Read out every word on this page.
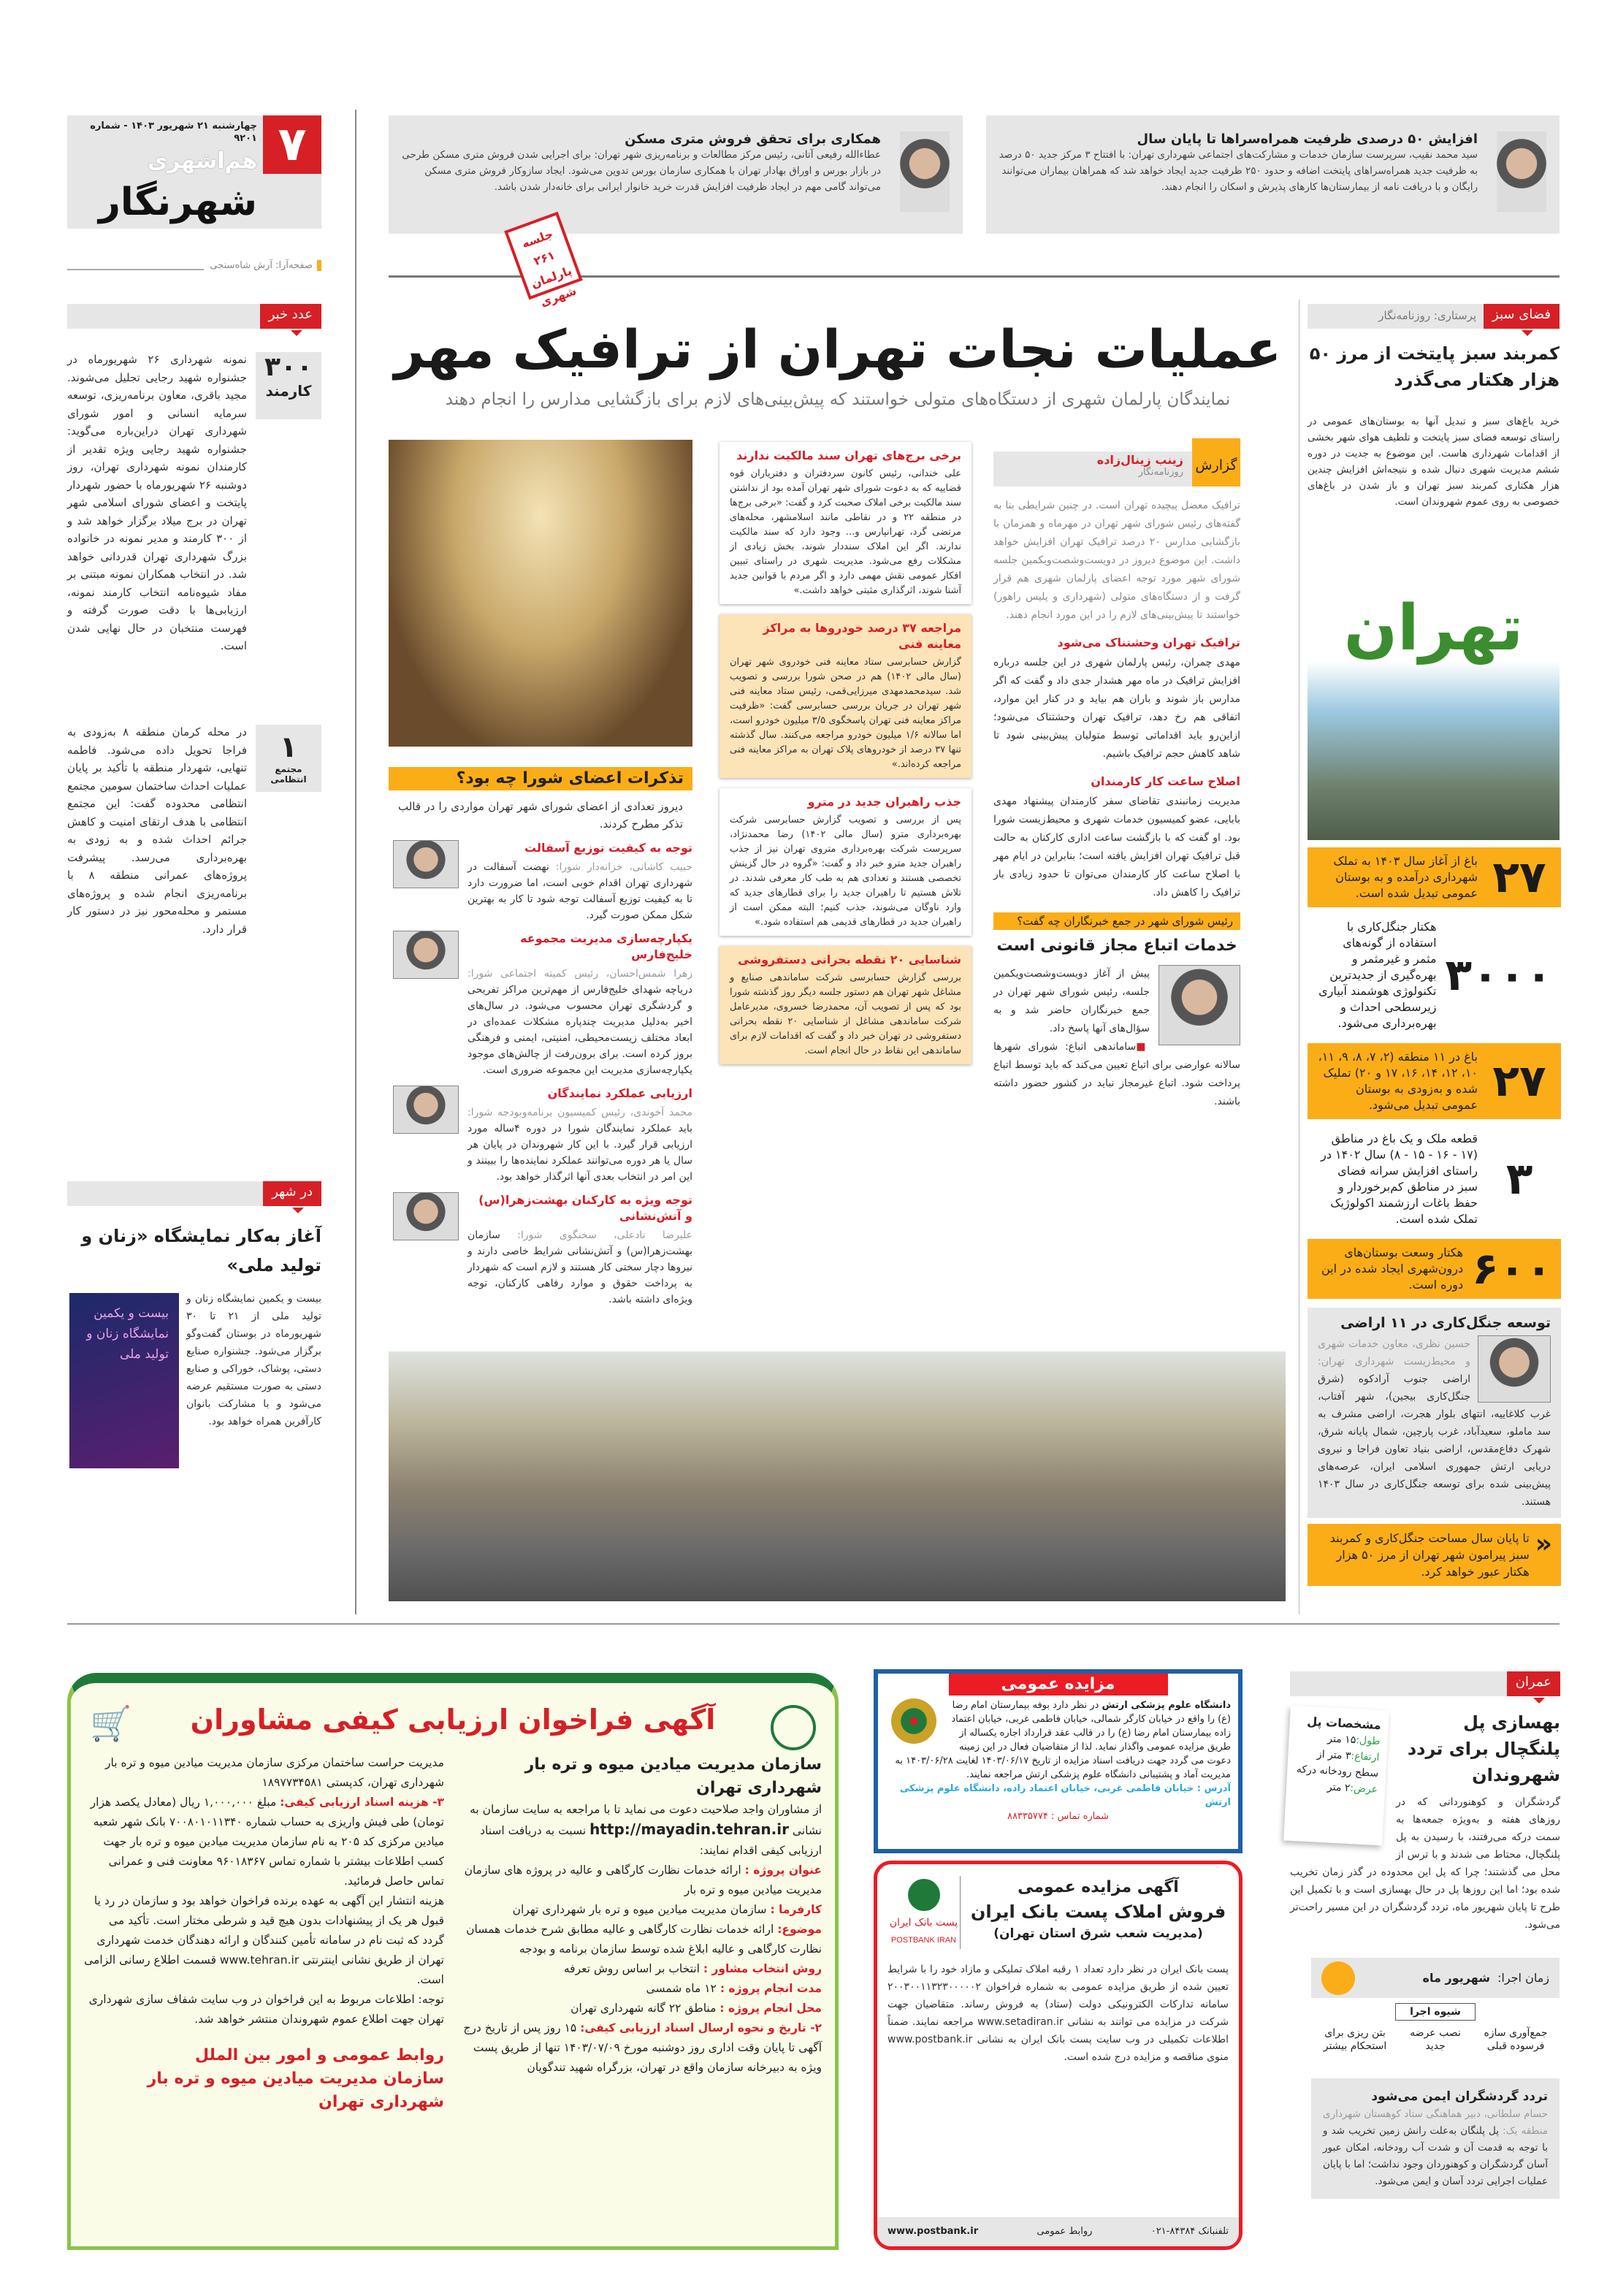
۷
چهارشنبه ۲۱ شهریور ۱۴۰۳ - شماره ۹۲۰۱
هم‌اشهری
شهرنگار
صفحه‌آرا: آرش شاه‌سنجی
افزایش ۵۰ درصدی ظرفیت همراه‌سراها تا پایان سال
سید محمد نقیب، سرپرست سازمان خدمات و مشارکت‌های اجتماعی شهرداری تهران: با افتتاح ۳ مرکز جدید ۵۰ درصد به ظرفیت جدید همراه‌سراهای پایتخت اضافه و حدود ۲۵۰ ظرفیت جدید ایجاد خواهد شد که همراهان بیماران می‌توانند رایگان و با دریافت نامه از بیمارستان‌ها کارهای پذیرش و اسکان را انجام دهند.
همکاری برای تحقق فروش متری مسکن
عطاءالله رفیعی آتانی، رئیس مرکز مطالعات و برنامه‌ریزی شهر تهران: برای اجرایی شدن فروش متری مسکن طرحی در بازار بورس و اوراق بهادار تهران با همکاری سازمان بورس تدوین می‌شود. ایجاد سازوکار فروش متری مسکن می‌تواند گامی مهم در ایجاد ظرفیت افزایش قدرت خرید خانوار ایرانی برای خانه‌دار شدن باشد.
جلسه ۲۶۱ پارلمان شهری
عملیات نجات تهران از ترافیک مهر
نمایندگان پارلمان شهری از دستگاه‌های متولی خواستند که پیش‌بینی‌های لازم برای بازگشایی مدارس را انجام دهند
عدد خبر
۳۰۰
کارمند
نمونه شهرداری ۲۶ شهریورماه در جشنواره شهید رجایی تجلیل می‌شوند. مجید باقری، معاون برنامه‌ریزی، توسعه سرمایه انسانی و امور شورای شهرداری تهران دراین‌باره می‌گوید: جشنواره شهید رجایی ویژه تقدیر از کارمندان نمونه شهرداری تهران، روز دوشنبه ۲۶ شهریورماه با حضور شهردار پایتخت و اعضای شورای اسلامی شهر تهران در برج میلاد برگزار خواهد شد و از ۳۰۰ کارمند و مدیر نمونه در خانواده بزرگ شهرداری تهران قدردانی خواهد شد. در انتخاب همکاران نمونه مبتنی بر مفاد شیوه‌نامه انتخاب کارمند نمونه، ارزیابی‌ها با دقت صورت گرفته و فهرست منتخبان در حال نهایی شدن است.
۱
مجتمع انتظامی
در محله کرمان منطقه ۸ به‌زودی به فراجا تحویل داده می‌شود. فاطمه تنهایی، شهردار منطقه با تأکید بر پایان عملیات احداث ساختمان سومین مجتمع انتظامی محدوده گفت: این مجتمع انتظامی با هدف ارتقای امنیت و کاهش جرائم احداث شده و به زودی به بهره‌برداری می‌رسد. پیشرفت پروژه‌های عمرانی منطقه ۸ با برنامه‌ریزی انجام شده و پروژه‌های مستمر و محله‌محور نیز در دستور کار قرار دارد.
در شهر
آغاز به‌کار نمایشگاه «زنان و تولید ملی»
بیست و یکمین نمایشگاه زنان و تولید ملی
بیست و یکمین نمایشگاه زنان و تولید ملی از ۲۱ تا ۳۰ شهریورماه در بوستان گفت‌وگو برگزار می‌شود. جشنواره صنایع دستی، پوشاک، خوراکی و صنایع دستی به صورت مستقیم عرضه می‌شود و با مشارکت بانوان کارآفرین همراه خواهد بود.
تذکرات اعضای شورا چه بود؟
دیروز تعدادی از اعضای شورای شهر تهران مواردی را در قالب تذکر مطرح کردند.
توجه به کیفیت توزیع آسفالت
حبیب کاشانی، خزانه‌دار شورا: نهضت آسفالت در شهرداری تهران اقدام خوبی است، اما ضرورت دارد تا به کیفیت توزیع آسفالت توجه شود تا کار به بهترین شکل ممکن صورت گیرد.
یکپارچه‌سازی مدیریت مجموعه خلیج‌فارس
زهرا شمس‌احسان، رئیس کمیته اجتماعی شورا: دریاچه شهدای خلیج‌فارس از مهم‌ترین مراکز تفریحی و گردشگری تهران محسوب می‌شود. در سال‌های اخیر به‌دلیل مدیریت چندپاره مشکلات عمده‌ای در ابعاد مختلف زیست‌محیطی، امنیتی، ایمنی و فرهنگی بروز کرده است. برای برون‌رفت از چالش‌های موجود یکپارچه‌سازی مدیریت این مجموعه ضروری است.
ارزیابی عملکرد نمایندگان
محمد آخوندی، رئیس کمیسیون برنامه‌وبودجه شورا: باید عملکرد نمایندگان شورا در دوره ۴ساله مورد ارزیابی قرار گیرد. با این کار شهروندان در پایان هر سال یا هر دوره می‌توانند عملکرد نماینده‌ها را ببینند و این امر در انتخاب بعدی آنها اثرگذار خواهد بود.
توجه ویژه به کارکنان بهشت‌زهرا(س) و آتش‌نشانی
علیرضا نادعلی، سخنگوی شورا: سازمان بهشت‌زهرا(س) و آتش‌نشانی شرایط خاصی دارند و نیروها دچار سختی کار هستند و لازم است که شهردار به پرداخت حقوق و موارد رفاهی کارکنان، توجه ویژه‌ای داشته باشد.
برخی برج‌های تهران سند مالکیت ندارند
علی خندانی، رئیس کانون سردفتران و دفتریاران قوه قضاییه که به دعوت شورای شهر تهران آمده بود از نداشتن سند مالکیت برخی املاک صحبت کرد و گفت: «برخی برج‌ها در منطقه ۲۲ و در نقاطی مانند اسلامشهر، محله‌های مرتضی گرد، تهرانپارس و... وجود دارد که سند مالکیت ندارند. اگر این املاک سنددار شوند، بخش زیادی از مشکلات رفع می‌شود. مدیریت شهری در راستای تبیین افکار عمومی نقش مهمی دارد و اگر مردم با قوانین جدید آشنا شوند، اثرگذاری مثبتی خواهد داشت.»
مراجعه ۳۷ درصد خودروها به مراکز معاینه فنی
گزارش حسابرسی ستاد معاینه فنی خودروی شهر تهران (سال مالی ۱۴۰۲) هم در صحن شورا بررسی و تصویب شد. سیدمحمدمهدی میرزایی‌قمی، رئیس ستاد معاینه فنی شهر تهران در جریان بررسی حسابرسی گفت: «ظرفیت مراکز معاینه فنی تهران پاسخگوی ۳/۵ میلیون خودرو است، اما سالانه ۱/۶ میلیون خودرو مراجعه می‌کنند. سال گذشته تنها ۳۷ درصد از خودروهای پلاک تهران به مراکز معاینه فنی مراجعه کرده‌اند.»
جذب راهبران جدید در مترو
پس از بررسی و تصویب گزارش حسابرسی شرکت بهره‌برداری مترو (سال مالی ۱۴۰۲) رضا محمدنژاد، سرپرست شرکت بهره‌برداری متروی تهران نیز از جذب راهبران جدید مترو خبر داد و گفت: «گروه در حال گزینش تخصصی هستند و تعدادی هم به طب کار معرفی شدند. در تلاش هستیم تا راهبران جدید را برای قطارهای جدید که وارد ناوگان می‌شوند، جذب کنیم؛ البته ممکن است از راهبران جدید در قطارهای قدیمی هم استفاده شود.»
شناسایی ۲۰ نقطه بحرانی دستفروشی
بررسی گزارش حسابرسی شرکت ساماندهی صنایع و مشاغل شهر تهران هم دستور جلسه دیگر روز گذشته شورا بود که پس از تصویب آن، محمدرضا خسروی، مدیرعامل شرکت ساماندهی مشاغل از شناسایی ۲۰ نقطه بحرانی دستفروشی در تهران خبر داد و گفت که اقدامات لازم برای ساماندهی این نقاط در حال انجام است.
گزارش
زینب زینال‌زاده
روزنامه‌نگار
ترافیک معضل پیچیده تهران است. در چنین شرایطی بنا به گفته‌های رئیس شورای شهر تهران در مهرماه و همزمان با بازگشایی مدارس ۲۰ درصد ترافیک تهران افزایش خواهد داشت. این موضوع دیروز در دویست‌وشصت‌ویکمین جلسه شورای شهر مورد توجه اعضای پارلمان شهری هم قرار گرفت و از دستگاه‌های متولی (شهرداری و پلیس راهور) خواستند تا پیش‌بینی‌های لازم را در این مورد انجام دهند.
ترافیک تهران وحشتناک می‌شود
مهدی چمران، رئیس پارلمان شهری در این جلسه درباره افزایش ترافیک در ماه مهر هشدار جدی داد و گفت که اگر مدارس باز شوند و باران هم بیاید و در کنار این موارد، اتفاقی هم رخ دهد، ترافیک تهران وحشتناک می‌شود؛ ازاین‌رو باید اقداماتی توسط متولیان پیش‌بینی شود تا شاهد کاهش حجم ترافیک باشیم.
اصلاح ساعت کار کارمندان
مدیریت زمانبندی تقاضای سفر کارمندان پیشنهاد مهدی بابایی، عضو کمیسیون خدمات شهری و محیط‌زیست شورا بود. او گفت که با بازگشت ساعت اداری کارکنان به حالت قبل ترافیک تهران افزایش یافته است؛ بنابراین در ایام مهر با اصلاح ساعت کار کارمندان می‌توان تا حدود زیادی بار ترافیک را کاهش داد.
رئیس شورای شهر در جمع خبرنگاران چه گفت؟
خدمات اتباع مجاز قانونی است
پیش از آغاز دویست‌وشصت‌ویکمین جلسه، رئیس شورای شهر تهران در جمع خبرنگاران حاضر شد و به سؤال‌های آنها پاسخ داد.
■ساماندهی اتباع: شورای شهرها سالانه عوارضی برای اتباع تعیین می‌کند که باید توسط اتباع پرداخت شود. اتباع غیرمجاز نباید در کشور حضور داشته باشند.
فضای سبز
پرستاری: روزنامه‌نگار
کمربند سبز پایتخت از مرز ۵۰ هزار هکتار می‌گذرد
خرید باغ‌های سبز و تبدیل آنها به بوستان‌های عمومی در راستای توسعه فضای سبز پایتخت و تلطیف هوای شهر بخشی از اقدامات شهرداری هاست. این موضوع به جدیت در دوره ششم مدیریت شهری دنبال شده و نتیجه‌اش افزایش چندین هزار هکتاری کمربند سبز تهران و باز شدن در باغ‌های خصوصی به روی عموم شهروندان است.
تهران
۲۷
باغ از آغاز سال ۱۴۰۳ به تملک شهرداری درآمده و به بوستان عمومی تبدیل شده است.
۳۰۰۰
هکتار جنگل‌کاری با استفاده از گونه‌های مثمر و غیرمثمر و بهره‌گیری از جدیدترین تکنولوژی هوشمند آبیاری زیرسطحی احداث و بهره‌برداری می‌شود.
۲۷
باغ در ۱۱ منطقه (۲، ۷، ۸، ۹، ۱۱، ۱۰، ۱۲، ۱۴، ۱۶، ۱۷ و ۲۰) تملیک شده و به‌زودی به بوستان عمومی تبدیل می‌شود.
۳
قطعه ملک و یک باغ در مناطق (۱۷ - ۱۶ - ۱۵ - ۸) سال ۱۴۰۲ در راستای افزایش سرانه فضای سبز در مناطق کم‌برخوردار و حفظ باغات ارزشمند اکولوژیک تملک شده است.
۶۰۰
هکتار وسعت بوستان‌های درون‌شهری ایجاد شده در این دوره است.
توسعه جنگل‌کاری در ۱۱ اراضی
حسین نظری، معاون خدمات شهری و محیط‌زیست شهرداری تهران: اراضی جنوب آرادکوه (شرق جنگل‌کاری بیجین)، شهر آفتاب، غرب کلاغاییه، انتهای بلوار هجرت، اراضی مشرف به سد ماملو، سعیدآباد، غرب پارچین، شمال پایانه شرق، شهرک دفاع‌مقدس، اراضی بنیاد تعاون فراجا و نیروی دریایی ارتش جمهوری اسلامی ایران، عرصه‌های پیش‌بینی شده برای توسعه جنگل‌کاری در سال ۱۴۰۳ هستند.
«
تا پایان سال مساحت جنگل‌کاری و کمربند سبز پیرامون شهر تهران از مرز ۵۰ هزار هکتار عبور خواهد کرد.
آگهی فراخوان ارزیابی کیفی مشاوران
🛒
سازمان مدیریت میادین میوه و تره بار شهرداری تهران
از مشاوران واجد صلاحیت دعوت می نماید تا با مراجعه به سایت سازمان به نشانی http://mayadin.tehran.ir نسبت به دریافت اسناد ارزیابی کیفی اقدام نمایند:
عنوان پروژه : ارائه خدمات نظارت کارگاهی و عالیه در پروژه های سازمان مدیریت میادین میوه و تره بار
کارفرما : سازمان مدیریت میادین میوه و تره بار شهرداری تهران
موضوع: ارائه خدمات نظارت کارگاهی و عالیه مطابق شرح خدمات همسان نظارت کارگاهی و عالیه ابلاغ شده توسط سازمان برنامه و بودجه
روش انتخاب مشاور : انتخاب بر اساس روش تعرفه
مدت انجام پروژه : ۱۲ ماه شمسی
محل انجام پروژه : مناطق ۲۲ گانه شهرداری تهران
۲- تاریخ و نحوه ارسال اسناد ارزیابی کیفی: ۱۵ روز پس از تاریخ درج آگهی تا پایان وقت اداری روز دوشنبه مورخ ۱۴۰۳/۰۷/۰۹ تنها از طریق پست ویژه به دبیرخانه سازمان واقع در تهران، بزرگراه شهید تندگویان
مدیریت حراست ساختمان مرکزی سازمان مدیریت میادین میوه و تره بار شهرداری تهران، کدپستی ۱۸۹۷۷۳۴۵۸۱
۳- هزینه اسناد ارزیابی کیفی: مبلغ ۱,۰۰۰,۰۰۰ ریال (معادل یکصد هزار تومان) طی فیش واریزی به حساب شماره ۷۰۰۸۰۱۰۱۱۳۴۰ بانک شهر شعبه میادین مرکزی کد ۲۰۵ به نام سازمان مدیریت میادین میوه و تره بار جهت کسب اطلاعات بیشتر با شماره تماس ۹۶۰۱۸۳۶۷ معاونت فنی و عمرانی تماس حاصل فرمائید.
هزینه انتشار این آگهی به عهده برنده فراخوان خواهد بود و سازمان در رد یا قبول هر یک از پیشنهادات بدون هیچ قید و شرطی مختار است. تأکید می گردد که ثبت نام در سامانه تأمین کنندگان و ارائه دهندگان خدمت شهرداری تهران از طریق نشانی اینترنتی www.tehran.ir قسمت اطلاع رسانی الزامی است.
توجه: اطلاعات مربوط به این فراخوان در وب سایت شفاف سازی شهرداری تهران جهت اطلاع عموم شهروندان منتشر خواهد شد.
روابط عمومی و امور بین الملل
سازمان مدیریت میادین میوه و تره بار شهرداری تهران
مزایده عمومی
دانشگاه علوم پزشکی ارتش در نظر دارد بوفه بیمارستان امام رضا (ع) را واقع در خیابان کارگر شمالی، خیابان فاطمی غربی، خیابان اعتماد زاده بیمارستان امام رضا (ع) را در قالب عقد قرارداد اجاره یکساله از طریق مزایده عمومی واگذار نماید. لذا از متقاضیان فعال در این زمینه دعوت می گردد جهت دریافت اسناد مزایده از تاریخ ۱۴۰۳/۰۶/۱۷ لغایت ۱۴۰۳/۰۶/۲۸ به مدیریت آماد و پشتیبانی دانشگاه علوم پزشکی ارتش مراجعه نمایند.
آدرس : خیابان فاطمی غربی، خیابان اعتماد زاده، دانشگاه علوم پزشکی ارتش
شماره تماس : ۸۸۳۳۵۷۷۴
آگهی مزایده عمومی
فروش املاک پست بانک ایران
(مدیریت شعب شرق استان تهران)
پست بانک ایران
POSTBANK IRAN
پست بانک ایران در نظر دارد تعداد ۱ رقبه املاک تملیکی و مازاد خود را با شرایط تعیین شده از طریق مزایده عمومی به شماره فراخوان ۲۰۰۳۰۰۱۱۳۲۳۰۰۰۰۰۲ سامانه تدارکات الکترونیکی دولت (ستاد) به فروش رساند. متقاضیان جهت شرکت در مزایده می توانند به نشانی www.setadiran.ir مراجعه نمایند. ضمناً اطلاعات تکمیلی در وب سایت پست بانک ایران به نشانی www.postbank.ir منوی مناقصه و مزایده درج شده است.
تلفنبانک ۸۴۳۸۴-۰۲۱
روابط عمومی
www.postbank.ir
عمران
مشخصات پل
طول:۱۵ متر
ارتفاع:۳ متر از سطح رودخانه درکه
عرض:۲ متر
بهسازی پل پلنگچال برای تردد شهروندان
گردشگران و کوهنوردانی که در روزهای هفته و به‌ویژه جمعه‌ها به سمت درکه می‌رفتند، با رسیدن به پل پلنگچال، محتاط می شدند و با ترس از محل می گذشتند؛ چرا که پل این محدوده در گذر زمان تخریب شده بود؛ اما این روزها پل در حال بهسازی است و با تکمیل این طرح تا پایان شهریور ماه، تردد گردشگران در این مسیر راحت‌تر می‌شود.
زمان اجرا:
شهریور ماه
شیوه اجرا
جمع‌آوری سازه فرسوده قبلی
نصب عرضه جدید
بتن ریزی برای استحکام بیشتر
تردد گردشگران ایمن می‌شود
حسام سلطانی، دبیر هماهنگی ستاد کوهستان شهرداری منطقه یک: پل پلنگان به‌علت رانش زمین تخریب شد و با توجه به قدمت آن و شدت آب رودخانه، امکان عبور آسان گردشگران و کوهنوردان وجود نداشت؛ اما با پایان عملیات اجرایی تردد آسان و ایمن می‌شود.
